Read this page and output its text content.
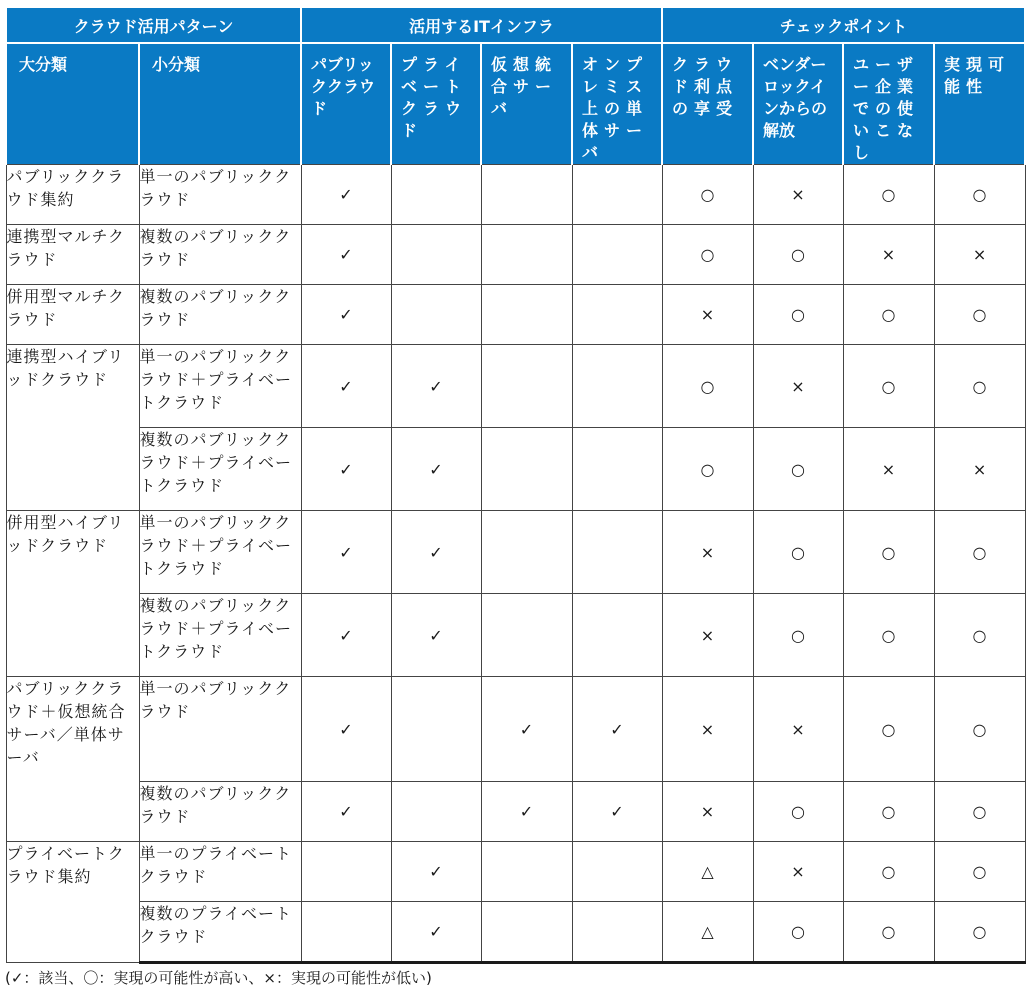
クラウド活用パターン		活用するITインフラ				チェックポイント			
大分類	小分類	パブリッククラウド	プライベートクラウド	仮想統合サーバ	オンプレミス上の単体サーバ	クラウド利点の享受	ベンダーロックインからの解放	ユーザー企業での使いこなし	実現可能性
パブリッククラウド集約	単一のパブリッククラウド	✓				○	×	○	○
連携型マルチクラウド	複数のパブリッククラウド	✓				○	○	×	×
併用型マルチクラウド	複数のパブリッククラウド	✓				×	○	○	○
連携型ハイブリッドクラウド	単一のパブリッククラウド＋プライベートクラウド	✓	✓			○	×	○	○
	複数のパブリッククラウド＋プライベートクラウド	✓	✓			○	○	×	×
併用型ハイブリッドクラウド	単一のパブリッククラウド＋プライベートクラウド	✓	✓			×	○	○	○
	複数のパブリッククラウド＋プライベートクラウド	✓	✓			×	○	○	○
パブリッククラウド＋仮想統合サーバ／単体サーバ	単一のパブリッククラウド	✓		✓	✓	×	×	○	○
	複数のパブリッククラウド	✓		✓	✓	×	○	○	○
プライベートクラウド集約	単一のプライベートクラウド		✓			△	×	○	○
	複数のプライベートクラウド		✓			△	○	○	○
(✓：該当、〇：実現の可能性が高い、×：実現の可能性が低い)
